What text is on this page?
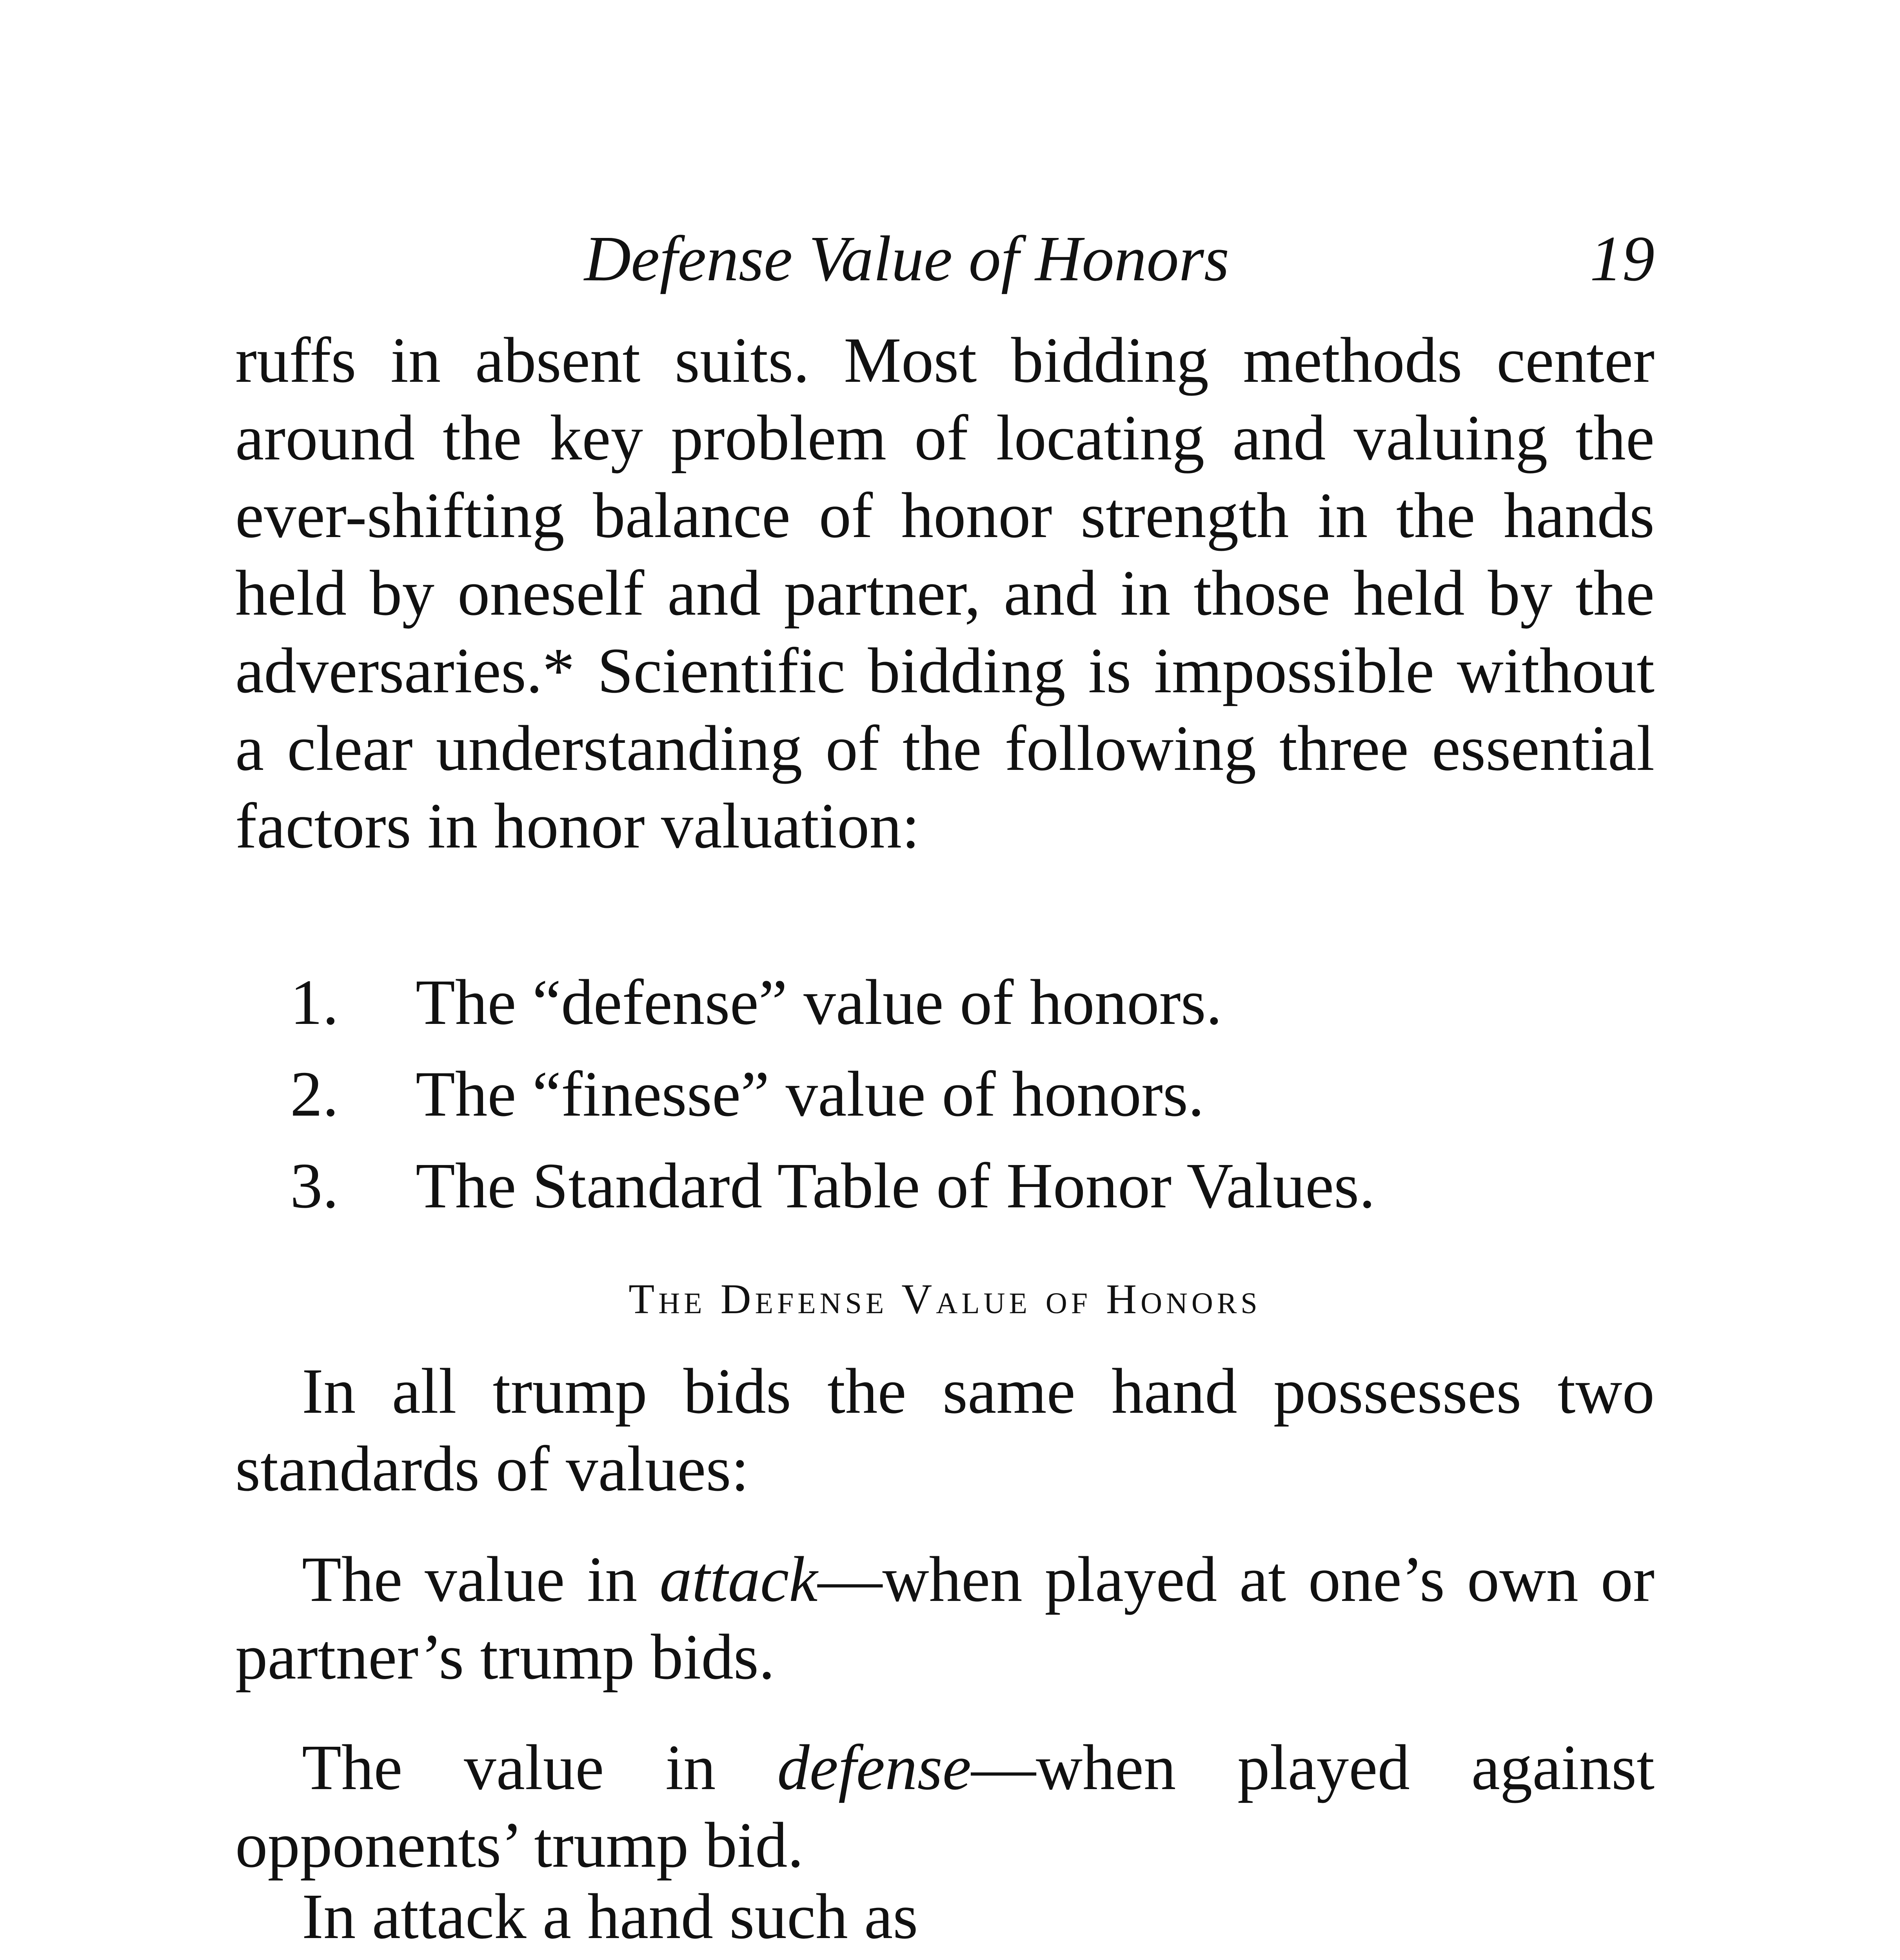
Defense Value of Honors	19

ruffs in absent suits. Most bidding methods center around the key problem of locating and valuing the ever-shifting balance of honor strength in the hands held by oneself and partner, and in those held by the adversaries.* Scientific bidding is impossible without a clear understanding of the following three essential factors in honor valuation:

1.	The “defense” value of honors.
2.	The “finesse” value of honors.
3.	The Standard Table of Honor Values.
The Defense Value of Honors

In all trump bids the same hand possesses two standards of values:

The value in attack—when played at one’s own or partner’s trump bids.

The value in defense—when played against opponents’ trump bid.

In attack a hand such as
